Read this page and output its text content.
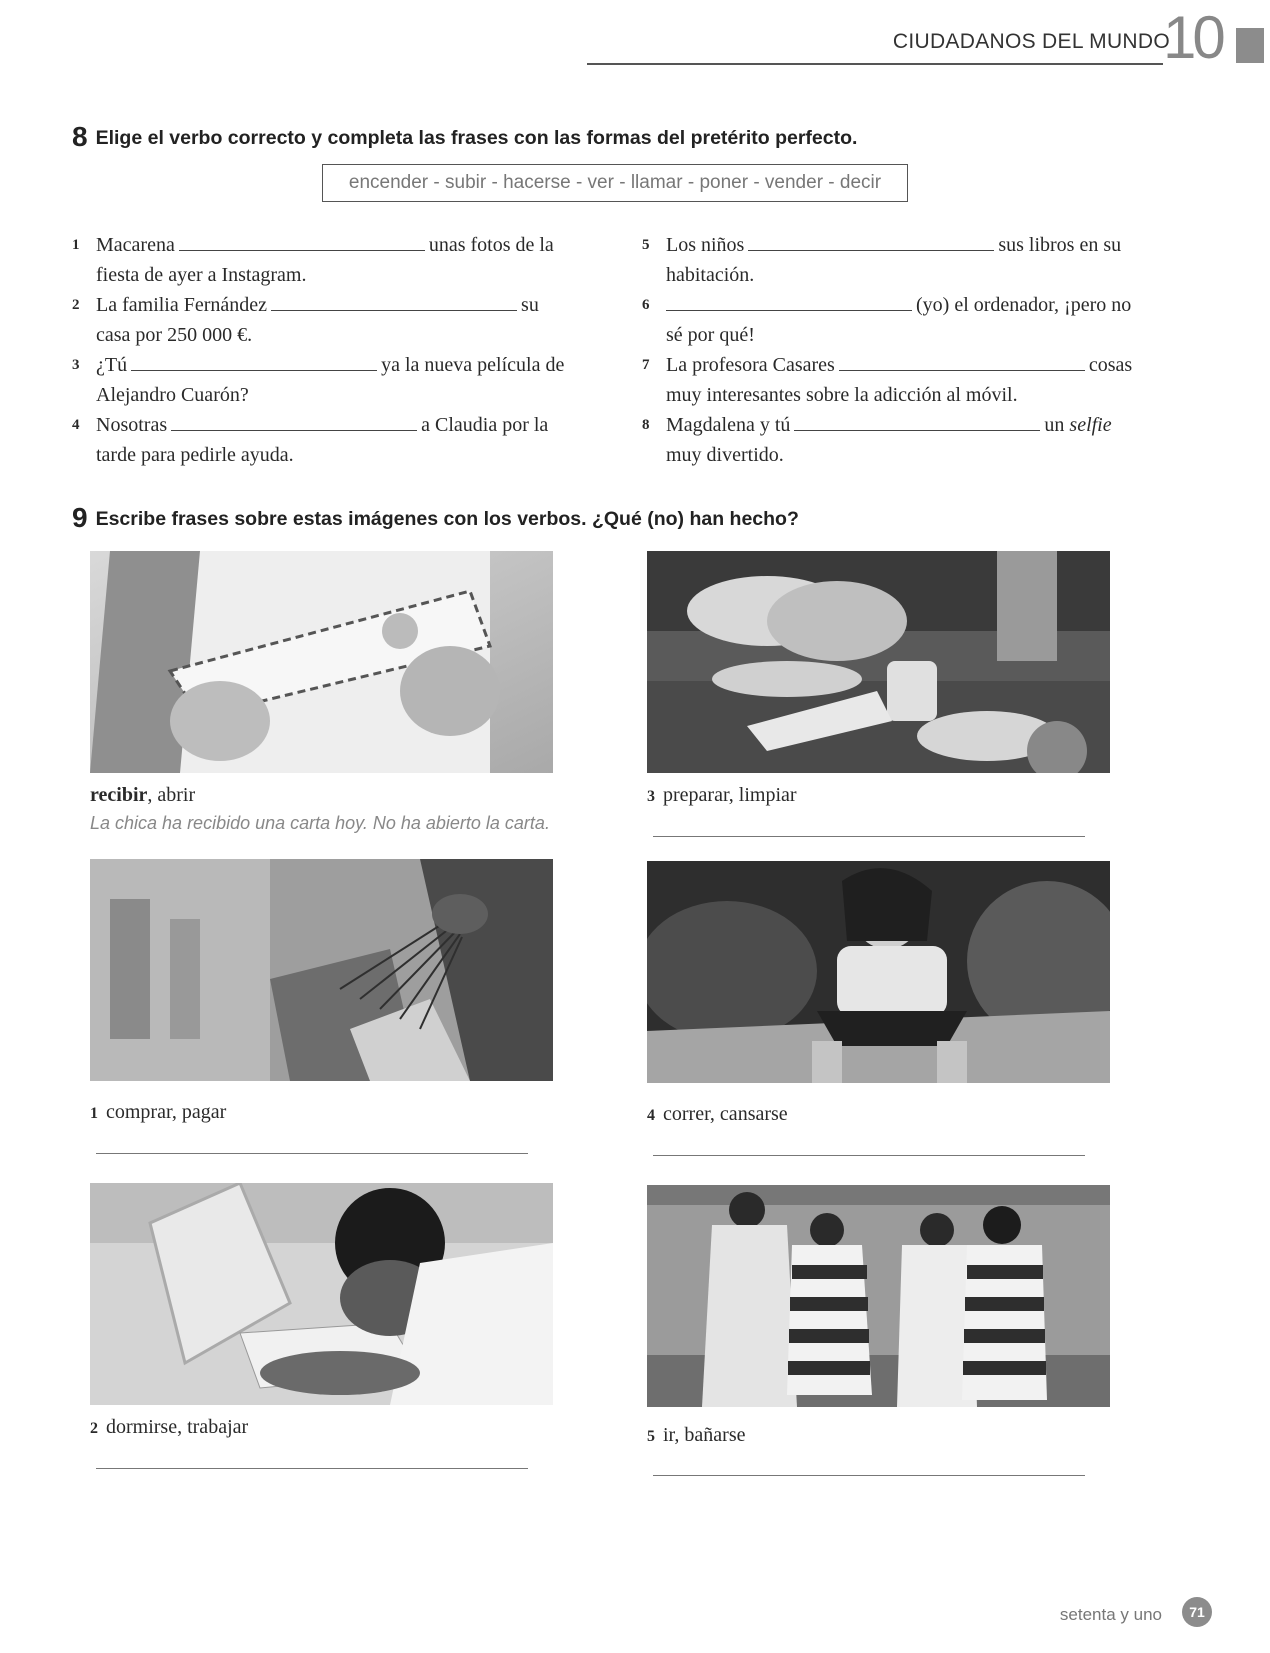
CIUDADANOS DEL MUNDO
10
8 Elige el verbo correcto y completa las frases con las formas del pretérito perfecto.
encender - subir - hacerse - ver - llamar - poner - vender - decir
1 Macarena	unas fotos de la
fiesta de ayer a Instagram.
2 La familia Fernández	su
casa por 250 000 €.
3 ¿Tú	ya la nueva película de
Alejandro Cuarón?
4 Nosotras	a Claudia por la
tarde para pedirle ayuda.
5 Los niños	sus libros en su
habitación.
6	(yo) el ordenador, ¡pero no
sé por qué!
7 La profesora Casares	cosas
muy interesantes sobre la adicción al móvil.
8 Magdalena y tú	un selfie
muy divertido.
9 Escribe frases sobre estas imágenes con los verbos. ¿Qué (no) han hecho?
recibir, abrir
La chica ha recibido una carta hoy. No ha abierto la carta.
3 preparar, limpiar
1 comprar, pagar	4 correr, cansarse
2 dormirse, trabajar	5 ir, bañarse
setenta y uno	71
